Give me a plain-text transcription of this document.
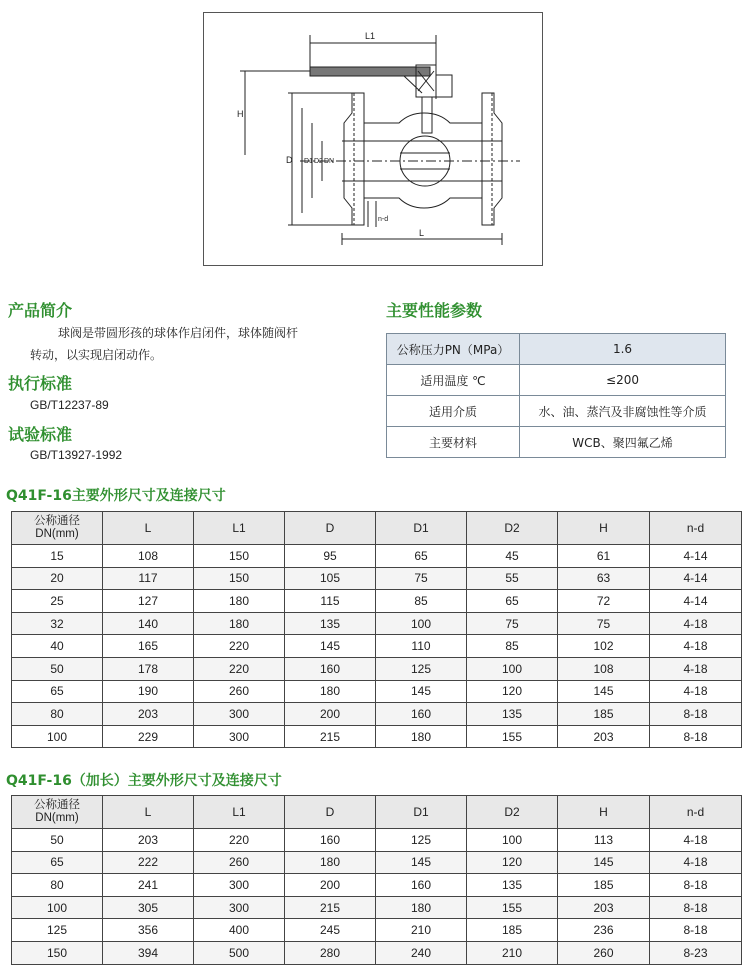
L1
H
L
D D1 D2 DN
n-d
产品简介

球阀是带圆形孩的球体作启闭件，球体随阀杆

转动，以实现启闭动作。

执行标准
GB/T12237-89
试验标准
GB/T13927-1992
主要性能参数
公称压力PN（MPa）	1.6
适用温度 ℃	≤200
适用介质	水、油、蒸汽及非腐蚀性等介质
主要材料	WCB、聚四氟乙烯
Q41F-16主要外形尺寸及连接尺寸
公称通径
DN(mm)	L	L1	D	D1	D2	H	n-d
15	108	150	95	65	45	61	4-14
20	117	150	105	75	55	63	4-14
25	127	180	115	85	65	72	4-14
32	140	180	135	100	75	75	4-18
40	165	220	145	110	85	102	4-18
50	178	220	160	125	100	108	4-18
65	190	260	180	145	120	145	4-18
80	203	300	200	160	135	185	8-18
100	229	300	215	180	155	203	8-18
Q41F-16（加长）主要外形尺寸及连接尺寸
公称通径
DN(mm)	L	L1	D	D1	D2	H	n-d
50	203	220	160	125	100	113	4-18
65	222	260	180	145	120	145	4-18
80	241	300	200	160	135	185	8-18
100	305	300	215	180	155	203	8-18
125	356	400	245	210	185	236	8-18
150	394	500	280	240	210	260	8-23
